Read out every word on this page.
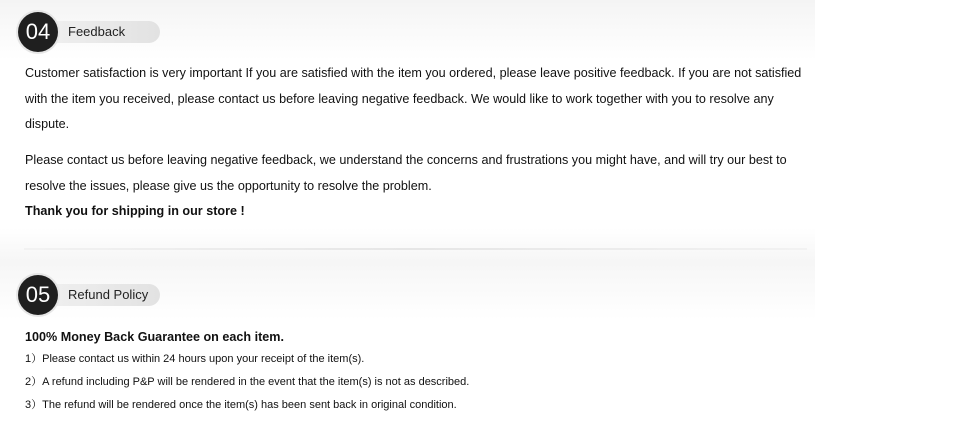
04	Feedback

Customer satisfaction is very important If you are satisfied with the item you ordered, please leave positive feedback. If you are not satisfied with the item you received, please contact us before leaving negative feedback. We would like to work together with you to resolve any dispute.

Please contact us before leaving negative feedback, we understand the concerns and frustrations you might have, and will try our best to resolve the issues, please give us the opportunity to resolve the problem.

Thank you for shipping in our store !

05	Refund Policy

100% Money Back Guarantee on each item.

1）Please contact us within 24 hours upon your receipt of the item(s).

2）A refund including P&P will be rendered in the event that the item(s) is not as described.

3）The refund will be rendered once the item(s) has been sent back in original condition.
